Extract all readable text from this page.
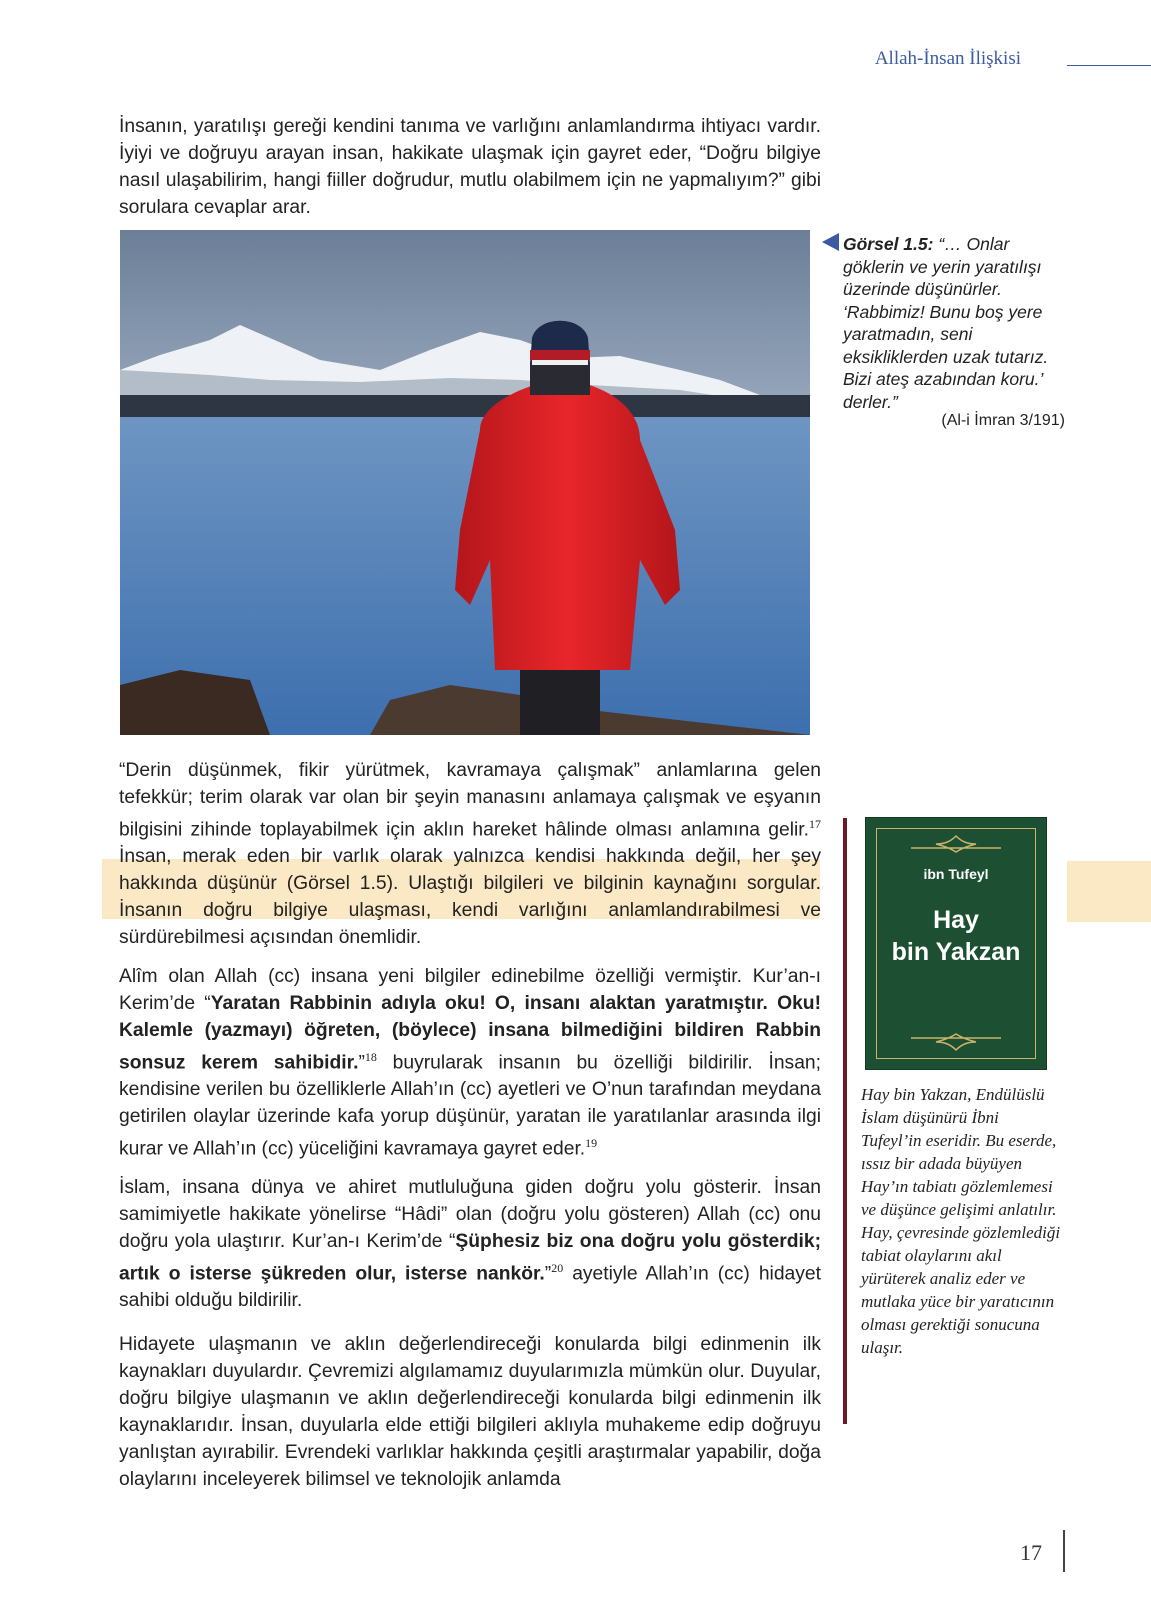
Allah-İnsan İlişkisi

İnsanın, yaratılışı gereği kendini tanıma ve varlığını anlamlandırma ihtiyacı vardır. İyiyi ve doğruyu arayan insan, hakikate ulaşmak için gayret eder, “Doğru bilgiye nasıl ulaşabilirim, hangi fiiller doğrudur, mutlu olabilmem için ne yapmalıyım?” gibi sorulara cevaplar arar.

Görsel 1.5: “… Onlar göklerin ve yerin yaratılışı üzerinde düşünürler. ‘Rabbimiz! Bunu boş yere yaratmadın, seni eksikliklerden uzak tutarız. Bizi ateş azabından koru.’ derler.”
(Al-i İmran 3/191)

“Derin düşünmek, fikir yürütmek, kavramaya çalışmak” anlamlarına gelen tefekkür; terim olarak var olan bir şeyin manasını anlamaya çalışmak ve eşyanın bilgisini zihinde toplayabilmek için aklın hareket hâlinde olması anlamına gelir.$^{17}$ İnsan, merak eden bir varlık olarak yalnızca kendisi hakkında değil, her şey hakkında düşünür (Görsel 1.5). Ulaştığı bilgileri ve bilginin kaynağını sorgular. İnsanın doğru bilgiye ulaşması, kendi varlığını anlamlandırabilmesi ve sürdürebilmesi açısından önemlidir.

Alîm olan Allah (cc) insana yeni bilgiler edinebilme özelliği vermiştir. Kur’an-ı Kerim’de “Yaratan Rabbinin adıyla oku! O, insanı alaktan yaratmıştır. Oku! Kalemle (yazmayı) öğreten, (böylece) insana bilmediğini bildiren Rabbin sonsuz kerem sahibidir.”$^{18}$ buyrularak insanın bu özelliği bildirilir. İnsan; kendisine verilen bu özelliklerle Allah’ın (cc) ayetleri ve O’nun tarafından meydana getirilen olaylar üzerinde kafa yorup düşünür, yaratan ile yaratılanlar arasında ilgi kurar ve Allah’ın (cc) yüceliğini kavramaya gayret eder.$^{19}$

İslam, insana dünya ve ahiret mutluluğuna giden doğru yolu gösterir. İnsan samimiyetle hakikate yönelirse “Hâdi” olan (doğru yolu gösteren) Allah (cc) onu doğru yola ulaştırır. Kur’an-ı Kerim’de “Şüphesiz biz ona doğru yolu gösterdik; artık o isterse şükreden olur, isterse nankör.”$^{20}$ ayetiyle Allah’ın (cc) hidayet sahibi olduğu bildirilir.

Hidayete ulaşmanın ve aklın değerlendireceği konularda bilgi edinmenin ilk kaynakları duyulardır. Çevremizi algılamamız duyularımızla mümkün olur. Duyular, doğru bilgiye ulaşmanın ve aklın değerlendireceği konularda bilgi edinmenin ilk kaynaklarıdır. İnsan, duyularla elde ettiği bilgileri aklıyla muhakeme edip doğruyu yanlıştan ayırabilir. Evrendeki varlıklar hakkında çeşitli araştırmalar yapabilir, doğa olaylarını inceleyerek bilimsel ve teknolojik anlamda

ibn Tufeyl
Hay
bin Yakzan
Hay bin Yakzan, Endülüslü İslam düşünürü İbni Tufeyl’in eseridir. Bu eserde, ıssız bir adada büyüyen Hay’ın tabiatı gözlemlemesi ve düşünce gelişimi anlatılır. Hay, çevresinde gözlemlediği tabiat olaylarını akıl yürüterek analiz eder ve mutlaka yüce bir yaratıcının olması gerektiği sonucuna ulaşır.
17
